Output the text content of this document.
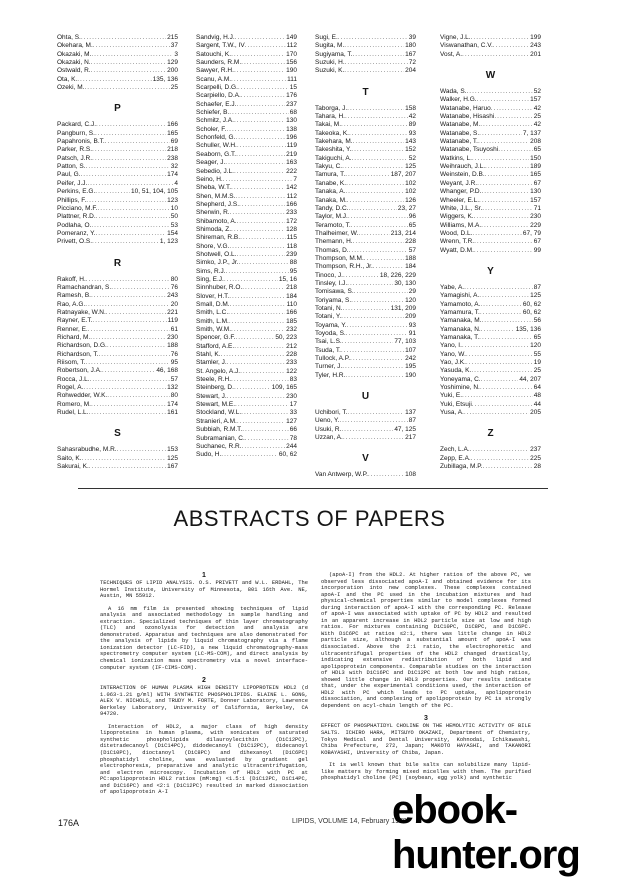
Ohta, S. .....	215
Okehara, M. .....	37
Okazaki, M. .....	3
Okazaki, N. .....	129
Ostwald, R. .....	200
Ota, K. .....	135, 136
Ozeki, M. .....	25
P
Packard, C.J. .....	166
Pangburn, S. .....	165
Papahronis, B.T. .....	69
Parker, R.S. .....	218
Patsch, J.R. .....	238
Patton, S. .....	32
Paul, G. .....	174
Peifer, J.J. .....	4
Perkins, E.G. .....	10, 51, 104, 105
Phillips, F. .....	123
Picciano, M.F. .....	10
Plattner, R.D. .....	50
Podlaha, O. .....	53
Pomeranz, Y. .....	154
Privett, O.S. .....	1, 123
R
Rakoff, H. .....	80
Ramachandran, S. .....	76
Ramesh, B. .....	243
Rao, A.G. .....	20
Ratnayake, W.N. .....	221
Rayner, E.T. .....	119
Renner, E. .....	61
Richard, M. .....	230
Richardson, D.G. .....	188
Richardson, T. .....	76
Riisom, T. .....	95
Robertson, J.A. .....	46, 168
Rocca, J.L. .....	57
Rogel, A. .....	132
Rohwedder, W.K. .....	80
Romero, M. .....	174
Rudel, L.L. .....	161
S
Sahasrabudhe, M.R. .....	153
Saito, K. .....	125
Sakurai, K. .....	167
Sandvig, H.J. .....	149
Sargent, T.W., IV .....	112
Satouchi, K. .....	170
Saunders, R.M. .....	156
Sawyer, R.H. .....	190
Scanu, A.M. .....	111
Scarpelli, D.G. .....	15
Scarpiello, D.A. .....	176
Schaefer, E.J. .....	237
Schiefer, B. .....	68
Schmitz, J.A. .....	130
Scholer, F. .....	138
Schonfeld, G. .....	196
Schuller, W.H. .....	119
Seaborn, G.T. .....	219
Seager, J. .....	163
Sebedio, J.L. .....	222
Seino, H. .....	7
Sheba, W.T. .....	142
Shen, M.M.S. .....	112
Shepherd, J.S. .....	166
Sherwin, R. .....	233
Shibamoto, A. .....	172
Shimoda, Z. .....	128
Shireman, R.B. .....	115
Shore, V.G. .....	118
Shotwell, O.L. .....	239
Simko, J.P., Jr. .....	88
Sims, R.J. .....	95
Sing, E.J. .....	15, 16
Sinnhuber, R.O. .....	218
Slover, H.T. .....	184
Small, D.M. .....	110
Smith, L.C. .....	166
Smith, L.M. .....	185
Smith, W.M. .....	232
Spencer, G.F. .....	50, 223
Stafford, A.E. .....	212
Stahl, K. .....	228
Stamler, J. .....	233
St. Angelo, A.J. .....	122
Steele, R.H. .....	83
Steinberg, D. .....	109, 165
Stewart, J. .....	230
Stewart, M.E. .....	17
Stockland, W.L. .....	33
Stranieri, A.M. .....	127
Subbiah, R.M.T. .....	66
Subramanian, C. .....	78
Suchanec, R.R. .....	244
Sudo, H. .....	60, 62
Sugi, E. .....	39
Sugita, M. .....	180
Sugiyama, T. .....	167
Suzuki, H. .....	72
Suzuki, K. .....	204
T
Taborga, J. .....	158
Tahara, H. .....	42
Takai, M. .....	89
Takeoka, K. .....	93
Takehara, M. .....	143
Takeshita, Y. .....	152
Takiguchi, A. .....	52
Takyu, C. .....	125
Tamura, T. .....	187, 207
Tanabe, K. .....	102
Tanaka, A. .....	102
Tanaka, M. .....	126
Tandy, D.C. .....	23, 27
Taylor, M.J. .....	96
Teramoto, T. .....	65
Thalheimer, W. .....	213, 214
Themann, H. .....	228
Thomas, D. .....	57
Thompson, M.M. .....	188
Thompson, R.H., Jr. .....	184
Tinoco, J. .....	18, 226, 229
Tinsley, I.J. .....	30, 130
Tomisawa, S. .....	29
Toriyama, S. .....	120
Totani, N. .....	131, 209
Totani, Y. .....	209
Toyama, Y. .....	93
Toyoda, S. .....	91
Tsai, L.S. .....	77, 103
Tsuda, T. .....	107
Tullock, A.P. .....	242
Turner, J. .....	195
Tyler, H.R. .....	190
U
Uchibori, T. .....	137
Ueno, Y. .....	87
Usuki, R. .....	47, 125
Uzzan, A. .....	217
V
Van Antwerp, W.P. .....	108
Vigne, J.L. .....	199
Viswanathan, C.V. .....	243
Vost, A. .....	201
W
Wada, S. .....	52
Walker, H.G. .....	157
Watanabe, Haruo .....	42
Watanabe, Hisashi .....	25
Watanabe, M. .....	42
Watanabe, S. .....	7, 137
Watanabe, T. .....	208
Watanabe, Tsuyoshi .....	65
Watkins, L. .....	150
Weihrauch, J.L. .....	189
Weinstein, D.B. .....	165
Weyant, J.R. .....	67
Whanger, P.D. .....	130
Wheeler, E.L. .....	157
White, J.L., Sr. .....	71
Wiggers, K. .....	230
Williams, M.A. .....	229
Wood, D.L. .....	67, 79
Wrenn, T.R. .....	67
Wyatt, D.M. .....	99
Y
Yabe, A. .....	87
Yamagishi, A. .....	125
Yamamoto, A. .....	60, 62
Yamamura, T. .....	60, 62
Yamanaka, M. .....	56
Yamanaka, N. .....	135, 136
Yamanaka, T. .....	65
Yano, I. .....	120
Yano, W. .....	55
Yao, J.K. .....	19
Yasuda, K. .....	25
Yoneyama, C. .....	44, 207
Yoshimine, N. .....	64
Yuki, E. .....	48
Yuki, Etsuji .....	44
Yusa, A. .....	205
Z
Zech, L.A. .....	237
Zepp, E.A. .....	225
Zubillaga, M.P. .....	28
ABSTRACTS OF PAPERS
1

TECHNIQUES OF LIPID ANALYSIS. O.S. PRIVETT and W.L. ERDAHL, The Hormel Institute, University of Minnesota, 801 16th Ave. NE, Austin, MN 55912.

A 16 mm film is presented showing techniques of lipid analysis and associated methodology in sample handling and extraction. Specialized techniques of thin layer chromatography (TLC) and ozonolysis for detection and analysis are demonstrated. Apparatus and techniques are also demonstrated for the analysis of lipids by liquid chromatography via a flame ionization detector (LC-FID), a new liquid chromatography-mass spectrometry computer system (LC-MS-COM), and direct analysis by chemical ionization mass spectrometry via a novel interface-computer system (IF-CIMS-COM).

2

INTERACTION OF HUMAN PLASMA HIGH DENSITY LIPOPROTEIN HDL2 (d 1.063-1.21 g/ml) WITH SYNTHETIC PHOSPHOLIPIDS. ELAINE L. GONG, ALEX V. NICHOLS, and TRUDY M. FORTE, Donner Laboratory, Lawrence Berkeley Laboratory, University of California, Berkeley, CA 94720.

Interaction of HDL2, a major class of high density lipoproteins in human plasma, with sonicates of saturated synthetic phospholipids dilauroylecithin (DiC12PC), ditetradecanoyl (DiC14PC), didodecanoyl (DiC12PC), didecanoyl (DiC10PC), dioctanoyl (DiC8PC) and dihexanoyl (DiC6PC) phosphatidyl choline, was evaluated by gradient gel electrophoresis, preparative and analytic ultracentrifugation, and electron microscopy. Incubation of HDL2 with PC at PC:apolipoprotein HDL2 ratios (mM:mg) <1.5:1 (DiC12PC, DiC14PC, and DiC16PC) and <2:1 (DiC12PC) resulted in marked dissociation of apolipoprotein A-I

(apoA-I) from the HDL2. At higher ratios of the above PC, we observed less dissociated apoA-I and obtained evidence for its incorporation into new complexes. These complexes contained apoA-I and the PC used in the incubation mixtures and had physical-chemical properties similar to model complexes formed during interaction of apoA-I with the corresponding PC. Release of apoA-I was associated with uptake of PC by HDL2 and resulted in an apparent increase in HDL2 particle size at low and high ratios. For mixtures containing DiC10PC, DiC8PC, and DiC6PC. With DiC6PC at ratios ≤2:1, there was little change in HDL2 particle size, although a substantial amount of apoA-I was dissociated. Above the 2:1 ratio, the electrophoretic and ultracentrifugal properties of the HDL2 changed drastically, indicating extensive redistribution of both lipid and apolipoprotein components. Comparable studies on the interaction of HDL3 with DiC16PC and DiC12PC at both low and high ratios, showed little change in HDL3 properties. Our results indicate that, under the experimental conditions used, the interaction of HDL2 with PC which leads to PC uptake, apolipoprotein dissociation, and complexing of apolipoprotein by PC is strongly dependent on acyl-chain length of the PC.

3

EFFECT OF PHOSPHATIDYL CHOLINE ON THE HEMOLYTIC ACTIVITY OF BILE SALTS. ICHIRO HARA, MITSUYO OKAZAKI, Department of Chemistry, Tokyo Medical and Dental University, Kohnodai, Ichikawashi, Chiba Prefecture, 272, Japan; MAKOTO HAYASHI, and TAKANORI KOBAYASHI, University of Chiba, Japan.

It is well known that bile salts can solubilize many lipid-like matters by forming mixed micelles with them. The purified phosphatidyl choline (PC) (soybean, egg yolk) and synthetic

176A	LIPIDS, VOLUME 14, February 1979
ebook-hunter.org
